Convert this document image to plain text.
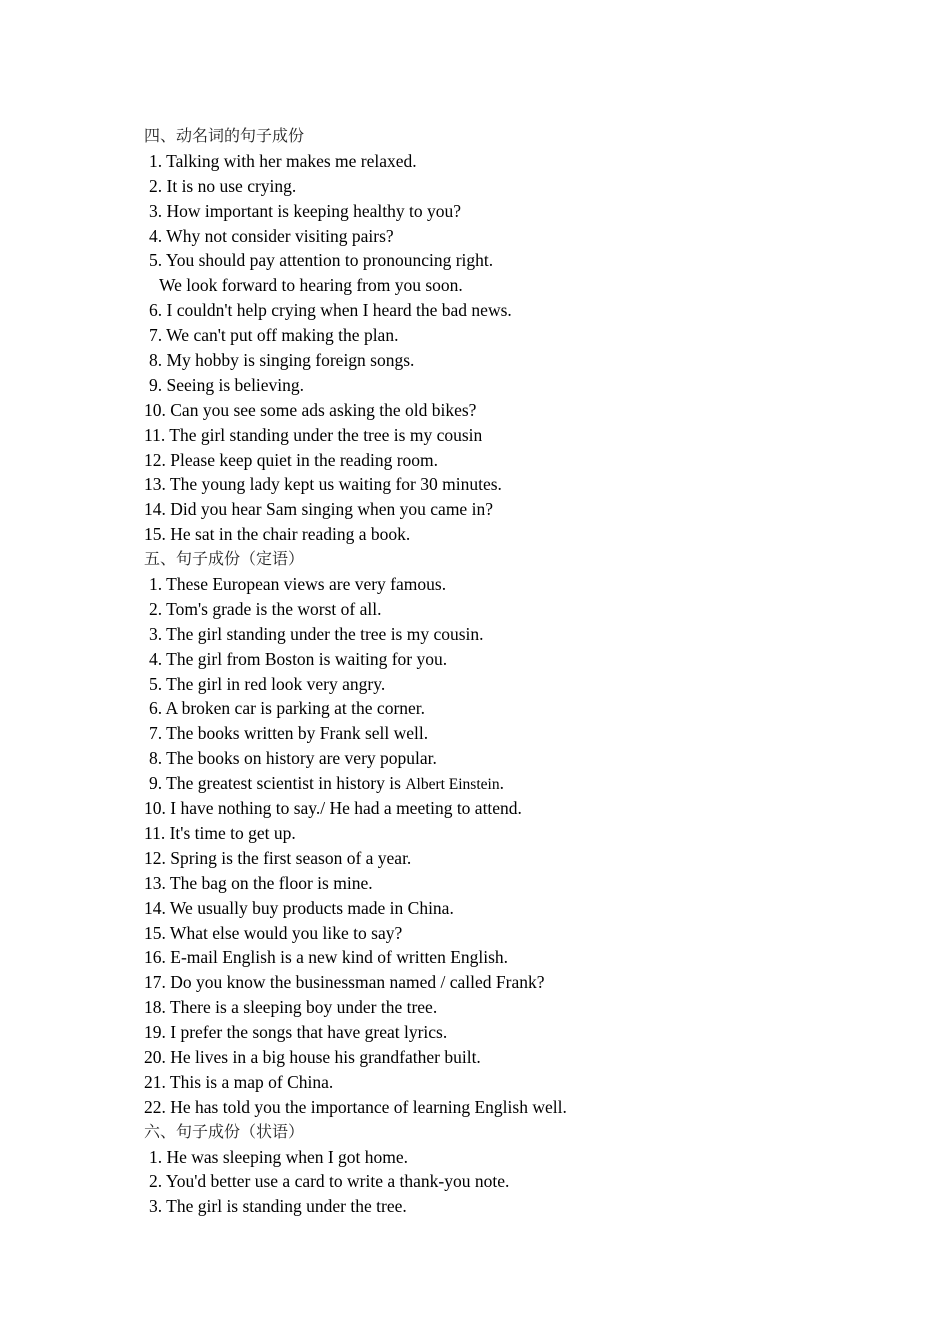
四、动名词的句子成份
1. Talking with her makes me relaxed.
2. It is no use crying.
3. How important is keeping healthy to you?
4. Why not consider visiting pairs?
5. You should pay attention to pronouncing right.
We look forward to hearing from you soon.
6. I couldn't help crying when I heard the bad news.
7. We can't put off making the plan.
8. My hobby is singing foreign songs.
9. Seeing is believing.
10. Can you see some ads asking the old bikes?
11. The girl standing under the tree is my cousin
12. Please keep quiet in the reading room.
13. The young lady kept us waiting for 30 minutes.
14. Did you hear Sam singing when you came in?
15. He sat in the chair reading a book.
五、句子成份（定语）
1. These European views are very famous.
2. Tom's grade is the worst of all.
3. The girl standing under the tree is my cousin.
4. The girl from Boston is waiting for you.
5. The girl in red look very angry.
6. A broken car is parking at the corner.
7. The books written by Frank sell well.
8. The books on history are very popular.
9. The greatest scientist in history is Albert Einstein.
10. I have nothing to say./ He had a meeting to attend.
11. It's time to get up.
12. Spring is the first season of a year.
13. The bag on the floor is mine.
14. We usually buy products made in China.
15. What else would you like to say?
16. E-mail English is a new kind of written English.
17. Do you know the businessman named / called Frank?
18. There is a sleeping boy under the tree.
19. I prefer the songs that have great lyrics.
20. He lives in a big house his grandfather built.
21. This is a map of China.
22. He has told you the importance of learning English well.
六、句子成份（状语）
1. He was sleeping when I got home.
2. You'd better use a card to write a thank-you note.
3. The girl is standing under the tree.
